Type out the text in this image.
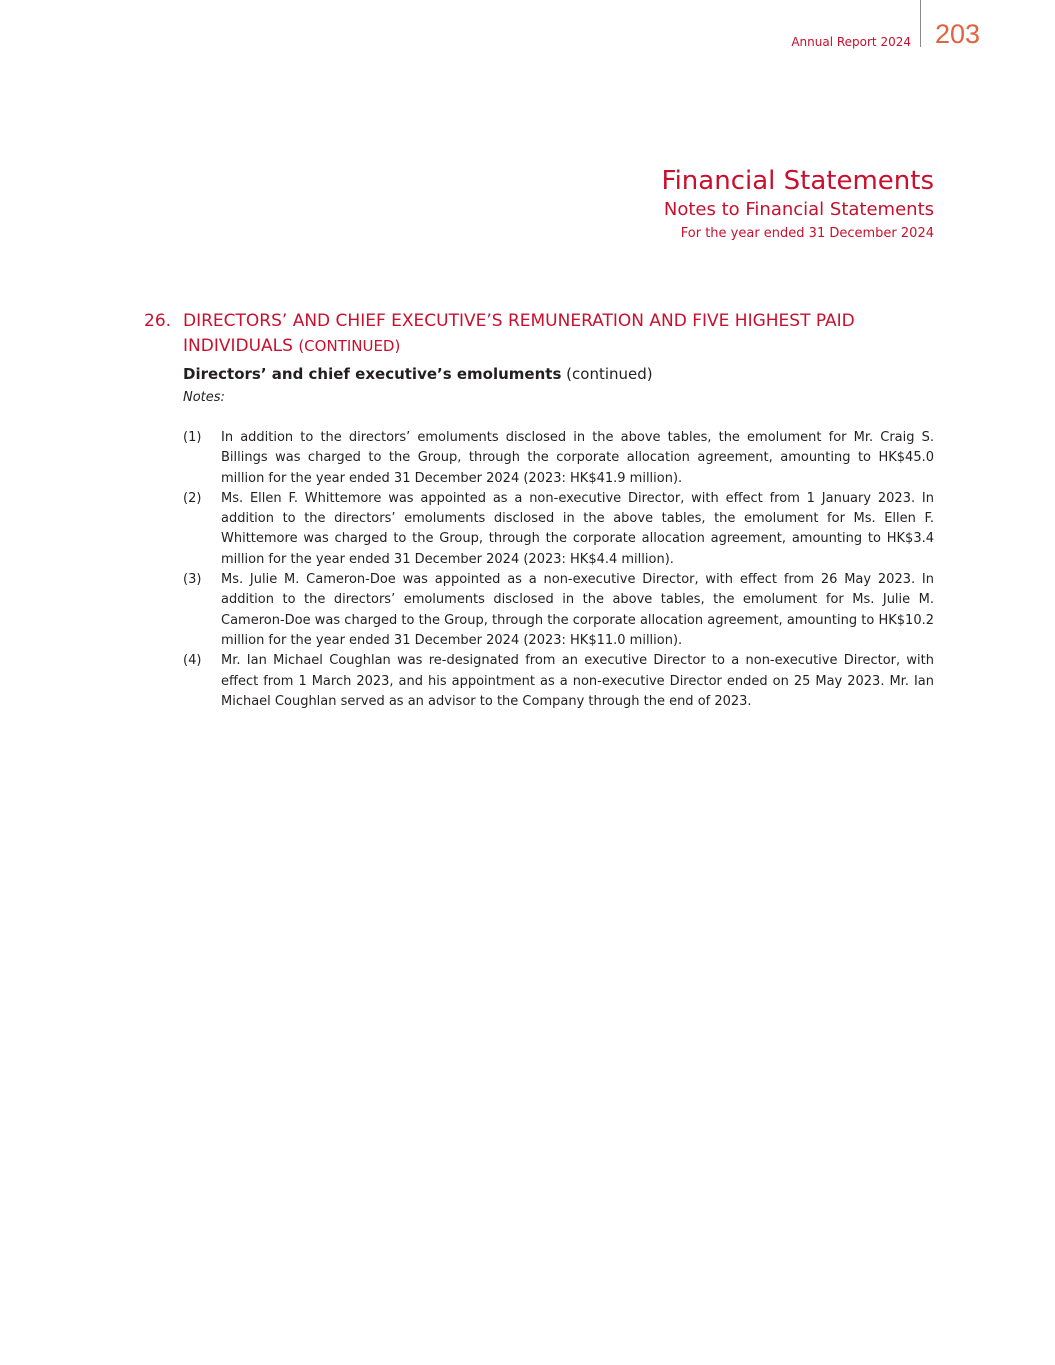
Annual Report 2024 203
Financial Statements
Notes to Financial Statements
For the year ended 31 December 2024
26. DIRECTORS’ AND CHIEF EXECUTIVE’S REMUNERATION AND FIVE HIGHEST PAID
INDIVIDUALS (CONTINUED)
Directors’ and chief executive’s emoluments (continued)
Notes:
(1)	In addition to the directors’ emoluments disclosed in the above tables, the emolument for Mr. Craig S. Billings was charged to the Group, through the corporate allocation agreement, amounting to HK$45.0 million for the year ended 31 December 2024 (2023: HK$41.9 million).
(2)	Ms. Ellen F. Whittemore was appointed as a non-executive Director, with effect from 1 January 2023. In addition to the directors’ emoluments disclosed in the above tables, the emolument for Ms. Ellen F. Whittemore was charged to the Group, through the corporate allocation agreement, amounting to HK$3.4 million for the year ended 31 December 2024 (2023: HK$4.4 million).
(3)	Ms. Julie M. Cameron-Doe was appointed as a non-executive Director, with effect from 26 May 2023. In addition to the directors’ emoluments disclosed in the above tables, the emolument for Ms. Julie M. Cameron-Doe was charged to the Group, through the corporate allocation agreement, amounting to HK$10.2 million for the year ended 31 December 2024 (2023: HK$11.0 million).
(4)	Mr. Ian Michael Coughlan was re-designated from an executive Director to a non-executive Director, with effect from 1 March 2023, and his appointment as a non-executive Director ended on 25 May 2023. Mr. Ian Michael Coughlan served as an advisor to the Company through the end of 2023.
